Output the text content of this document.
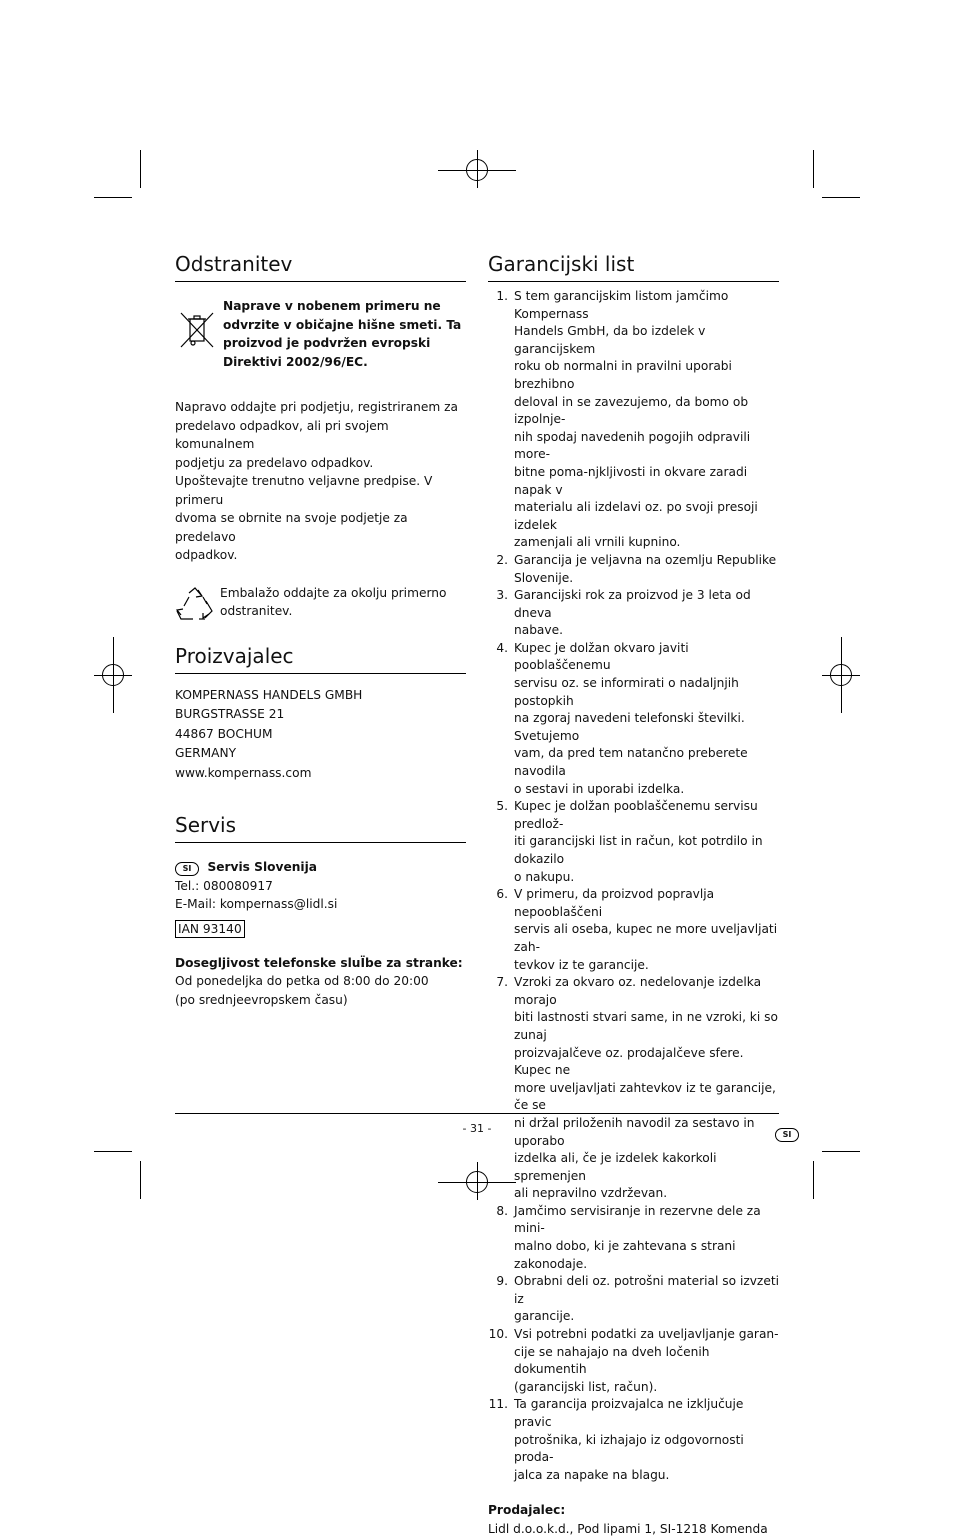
Odstranitev

Naprave v nobenem primeru ne

odvrzite v običajne hišne smeti. Ta

proizvod je podvržen evropski

Direktivi 2002/96/EC.

Napravo oddajte pri podjetju, registriranem za

predelavo odpadkov, ali pri svojem komunalnem

podjetju za predelavo odpadkov.

Upoštevajte trenutno veljavne predpise. V primeru

dvoma se obrnite na svoje podjetje za predelavo

odpadkov.

Embalažo oddajte za okolju primerno

odstranitev.

Proizvajalec

KOMPERNASS HANDELS GMBH

BURGSTRASSE 21

44867 BOCHUM

GERMANY

www.kompernass.com

Servis

SI Servis Slovenija

Tel.: 080080917

E-Mail: kompernass@lidl.si

IAN 93140

Dosegljivost telefonske sluÏbe za stranke:

Od ponedeljka do petka od 8:00 do 20:00

(po srednjeevropskem času)

Garancijski list
1. S tem garancijskim listom jamčimo Kompernass
Handels GmbH, da bo izdelek v garancijskem
roku ob normalni in pravilni uporabi brezhibno
deloval in se zavezujemo, da bomo ob izpolnje-
nih spodaj navedenih pogojih odpravili more-
bitne poma-njkljivosti in okvare zaradi napak v
materialu ali izdelavi oz. po svoji presoji izdelek
zamenjali ali vrnili kupnino.
2. Garancija je veljavna na ozemlju Republike
Slovenije.
3. Garancijski rok za proizvod je 3 leta od dneva
nabave.
4. Kupec je dolžan okvaro javiti pooblaščenemu
servisu oz. se informirati o nadaljnjih postopkih
na zgoraj navedeni telefonski številki. Svetujemo
vam, da pred tem natančno preberete navodila
o sestavi in uporabi izdelka.
5. Kupec je dolžan pooblaščenemu servisu predlož-
iti garancijski list in račun, kot potrdilo in dokazilo
o nakupu.
6. V primeru, da proizvod popravlja nepooblaščeni
servis ali oseba, kupec ne more uveljavljati zah-
tevkov iz te garancije.
7. Vzroki za okvaro oz. nedelovanje izdelka morajo
biti lastnosti stvari same, in ne vzroki, ki so zunaj
proizvajalčeve oz. prodajalčeve sfere. Kupec ne
more uveljavljati zahtevkov iz te garancije, če se
ni držal priloženih navodil za sestavo in uporabo
izdelka ali, če je izdelek kakorkoli spremenjen
ali nepravilno vzdrževan.
8. Jamčimo servisiranje in rezervne dele za mini-
malno dobo, ki je zahtevana s strani zakonodaje.
9. Obrabni deli oz. potrošni material so izvzeti iz
garancije.
10. Vsi potrebni podatki za uveljavljanje garan-
cije se nahajajo na dveh ločenih dokumentih
(garancijski list, račun).
11. Ta garancija proizvajalca ne izključuje pravic
potrošnika, ki izhajajo iz odgovornosti proda-
jalca za napake na blagu.

Prodajalec:

Lidl d.o.o.k.d., Pod lipami 1, SI-1218 Komenda

- 31 -	SI
